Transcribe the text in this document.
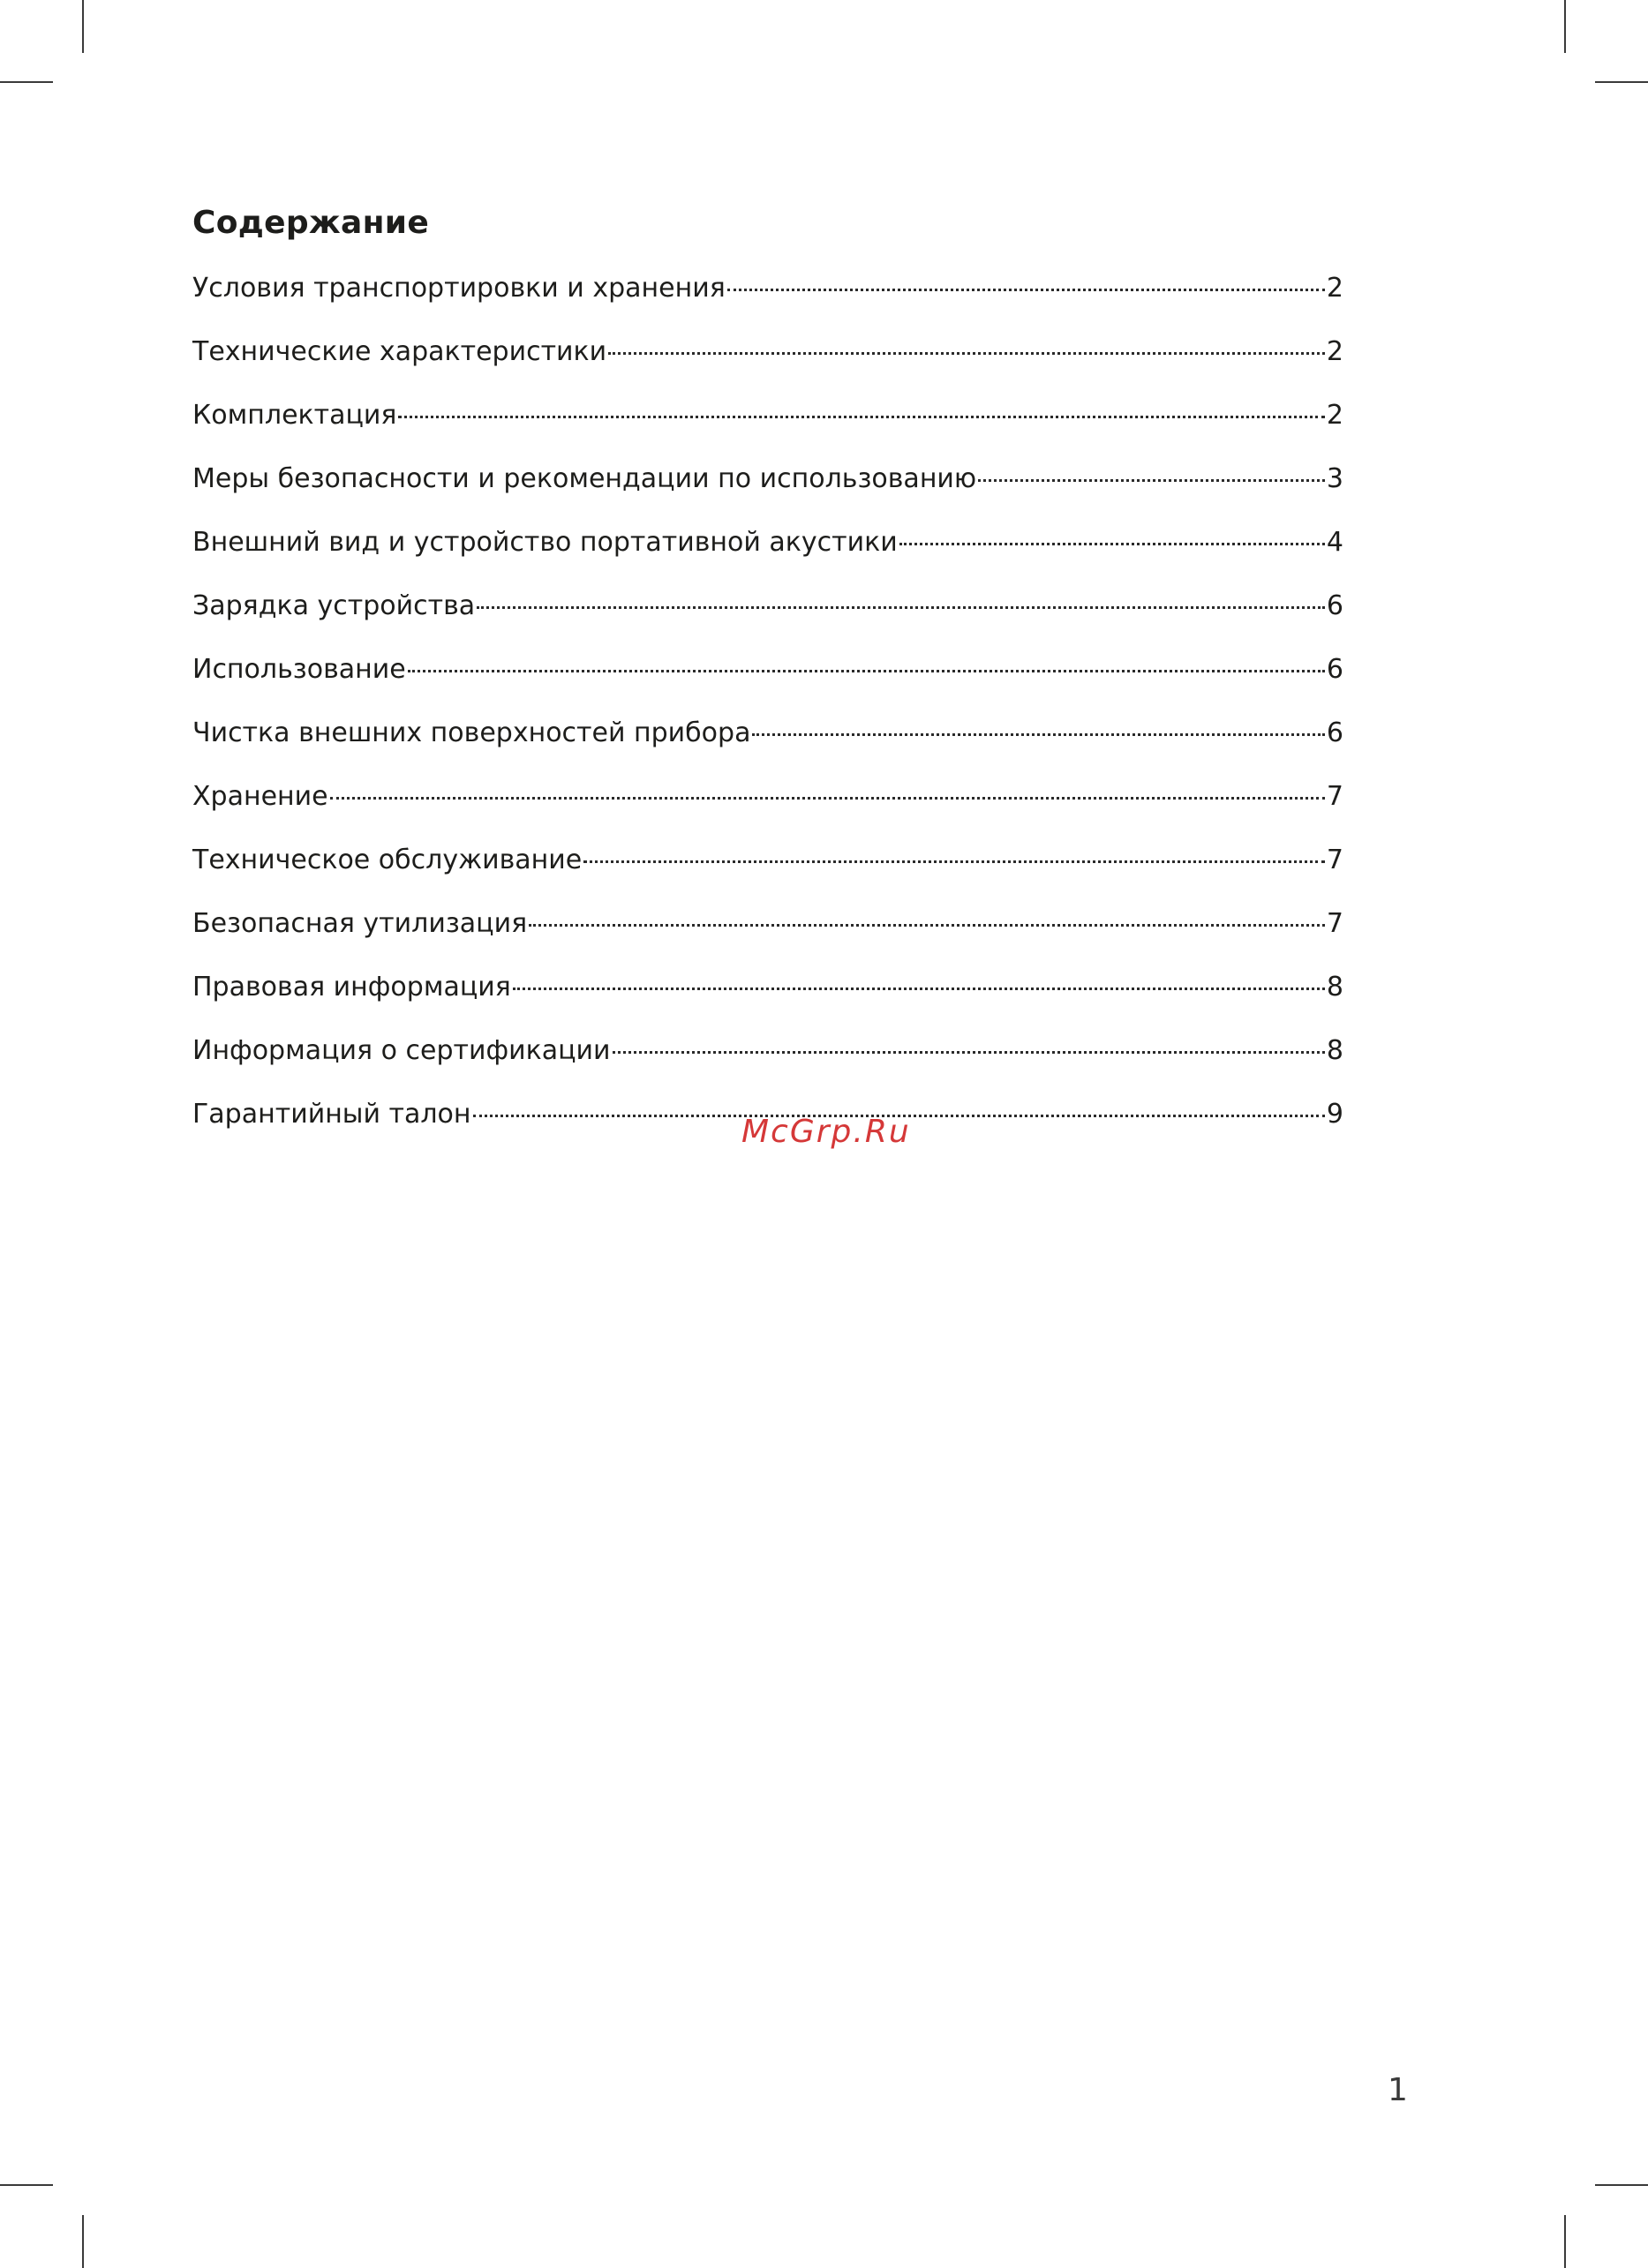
Содержание
Условия транспортировки и хранения	2
Технические характеристики	2
Комплектация	2
Меры безопасности и рекомендации по использованию	3
Внешний вид и устройство портативной акустики	4
Зарядка устройства	6
Использование	6
Чистка внешних поверхностей прибора	6
Хранение	7
Техническое обслуживание	7
Безопасная утилизация	7
Правовая информация	8
Информация о сертификации	8
Гарантийный талон	9
McGrp.Ru
1
